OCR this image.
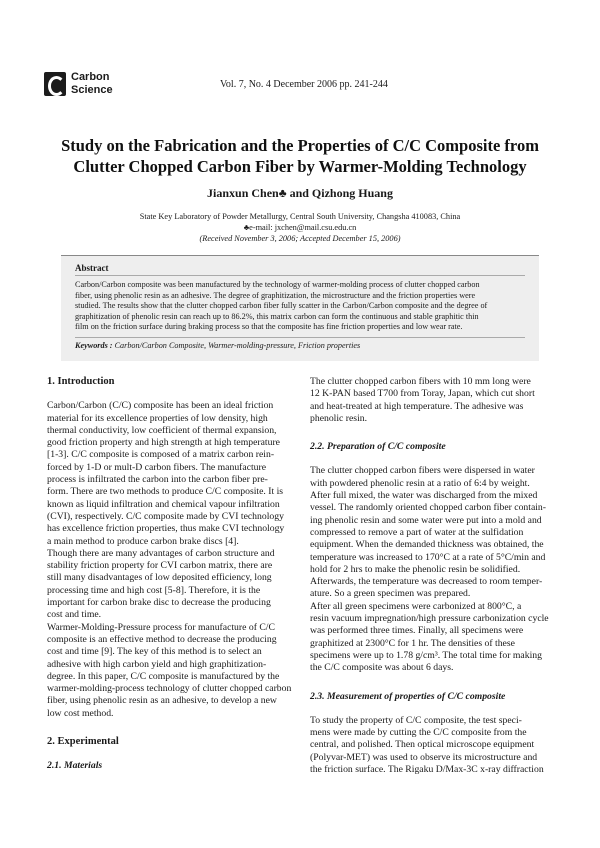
Carbon
Science	Vol. 7, No. 4 December 2006 pp. 241-244
Study on the Fabrication and the Properties of C/C Composite from
Clutter Chopped Carbon Fiber by Warmer-Molding Technology
Jianxun Chen♣ and Qizhong Huang
State Key Laboratory of Powder Metallurgy, Central South University, Changsha 410083, China
♣e-mail: jxchen@mail.csu.edu.cn
(Received November 3, 2006; Accepted December 15, 2006)
Abstract
Carbon/Carbon composite was been manufactured by the technology of warmer-molding process of clutter chopped carbon
fiber, using phenolic resin as an adhesive. The degree of graphitization, the microstructure and the friction properties were
studied. The results show that the clutter chopped carbon fiber fully scatter in the Carbon/Carbon composite and the degree of
graphitization of phenolic resin can reach up to 86.2%, this matrix carbon can form the continuous and stable graphitic thin
film on the friction surface during braking process so that the composite has fine friction properties and low wear rate.
Keywords : Carbon/Carbon Composite, Warmer-molding-pressure, Friction properties
1. Introduction
Carbon/Carbon (C/C) composite has been an ideal friction
material for its excellence properties of low density, high
thermal conductivity, low coefficient of thermal expansion,
good friction property and high strength at high temperature
[1-3]. C/C composite is composed of a matrix carbon rein-
forced by 1-D or mult-D carbon fibers. The manufacture
process is infiltrated the carbon into the carbon fiber pre-
form. There are two methods to produce C/C composite. It is
known as liquid infiltration and chemical vapour infiltration
(CVI), respectively. C/C composite made by CVI technology
has excellence friction properties, thus make CVI technology
a main method to produce carbon brake discs [4].
Though there are many advantages of carbon structure and
stability friction property for CVI carbon matrix, there are
still many disadvantages of low deposited efficiency, long
processing time and high cost [5-8]. Therefore, it is the
important for carbon brake disc to decrease the producing
cost and time.
Warmer-Molding-Pressure process for manufacture of C/C
composite is an effective method to decrease the producing
cost and time [9]. The key of this method is to select an
adhesive with high carbon yield and high graphitization-
degree. In this paper, C/C composite is manufactured by the
warmer-molding-process technology of clutter chopped carbon
fiber, using phenolic resin as an adhesive, to develop a new
low cost method.
2. Experimental
2.1. Materials
The clutter chopped carbon fibers with 10 mm long were
12 K-PAN based T700 from Toray, Japan, which cut short
and heat-treated at high temperature. The adhesive was
phenolic resin.
2.2. Preparation of C/C composite
The clutter chopped carbon fibers were dispersed in water
with powdered phenolic resin at a ratio of 6:4 by weight.
After full mixed, the water was discharged from the mixed
vessel. The randomly oriented chopped carbon fiber contain-
ing phenolic resin and some water were put into a mold and
compressed to remove a part of water at the sulfidation
equipment. When the demanded thickness was obtained, the
temperature was increased to 170°C at a rate of 5°C/min and
hold for 2 hrs to make the phenolic resin be solidified.
Afterwards, the temperature was decreased to room temper-
ature. So a green specimen was prepared.
After all green specimens were carbonized at 800°C, a
resin vacuum impregnation/high pressure carbonization cycle
was performed three times. Finally, all specimens were
graphitized at 2300°C for 1 hr. The densities of these
specimens were up to 1.78 g/cm³. The total time for making
the C/C composite was about 6 days.
2.3. Measurement of properties of C/C composite
To study the property of C/C composite, the test speci-
mens were made by cutting the C/C composite from the
central, and polished. Then optical microscope equipment
(Polyvar-MET) was used to observe its microstructure and
the friction surface. The Rigaku D/Max-3C x-ray diffraction
